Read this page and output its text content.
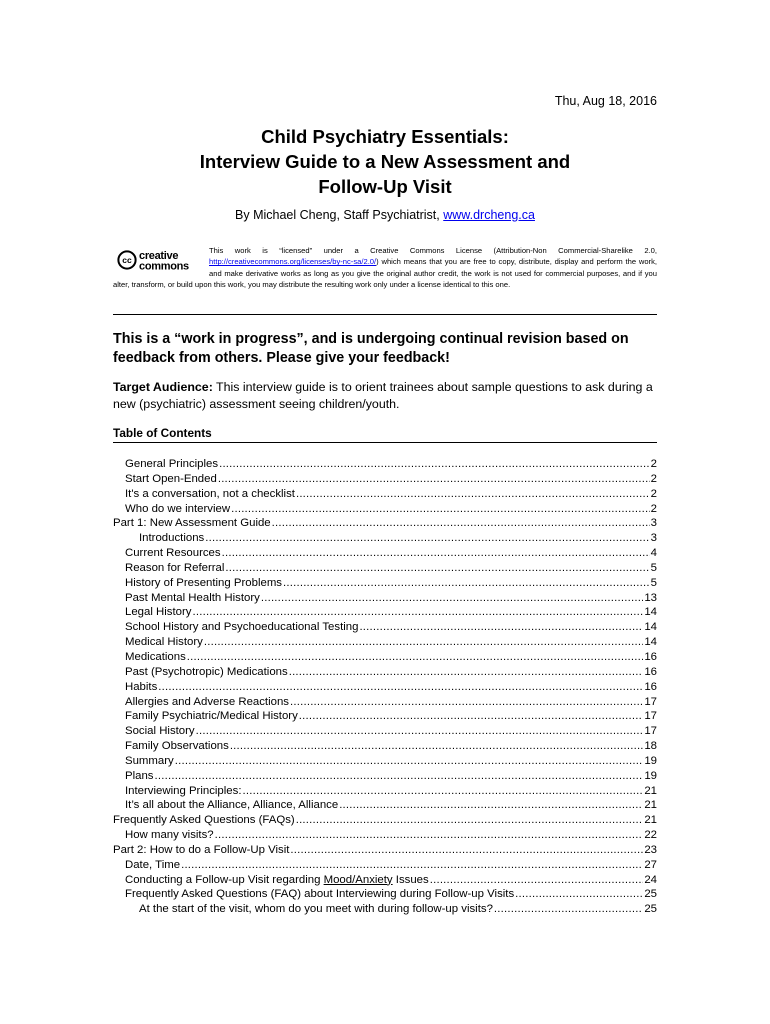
Thu, Aug 18, 2016
Child Psychiatry Essentials:
Interview Guide to a New Assessment and
Follow-Up Visit
By Michael Cheng, Staff Psychiatrist, www.drcheng.ca
cc creative
commons
This work is “licensed” under a Creative Commons License (Attribution-Non Commercial-Sharelike 2.0, http://creativecommons.org/licenses/by-nc-sa/2.0/) which means that you are free to copy, distribute, display and perform the work, and make derivative works as long as you give the original author credit, the work is not used for commercial purposes, and if you alter, transform, or build upon this work, you may distribute the resulting work only under a license identical to this one.
This is a “work in progress”, and is undergoing continual revision based on feedback from others. Please give your feedback!
Target Audience: This interview guide is to orient trainees about sample questions to ask during a new (psychiatric) assessment seeing children/youth.
Table of Contents
General Principles .....	2
Start Open-Ended .....	2
It's a conversation, not a checklist .....	2
Who do we interview .....	2
Part 1: New Assessment Guide .....	3
Introductions .....	3
Current Resources .....	4
Reason for Referral .....	5
History of Presenting Problems .....	5
Past Mental Health History .....	13
Legal History .....	14
School History and Psychoeducational Testing .....	14
Medical History .....	14
Medications .....	16
Past (Psychotropic) Medications .....	16
Habits .....	16
Allergies and Adverse Reactions .....	17
Family Psychiatric/Medical History .....	17
Social History .....	17
Family Observations .....	18
Summary .....	19
Plans .....	19
Interviewing Principles: .....	21
It’s all about the Alliance, Alliance, Alliance .....	21
Frequently Asked Questions (FAQs) .....	21
How many visits? .....	22
Part 2: How to do a Follow-Up Visit .....	23
Date, Time .....	27
Conducting a Follow-up Visit regarding Mood/Anxiety Issues .....	24
Frequently Asked Questions (FAQ) about Interviewing during Follow-up Visits .....	25
At the start of the visit, whom do you meet with during follow-up visits? .....	25
